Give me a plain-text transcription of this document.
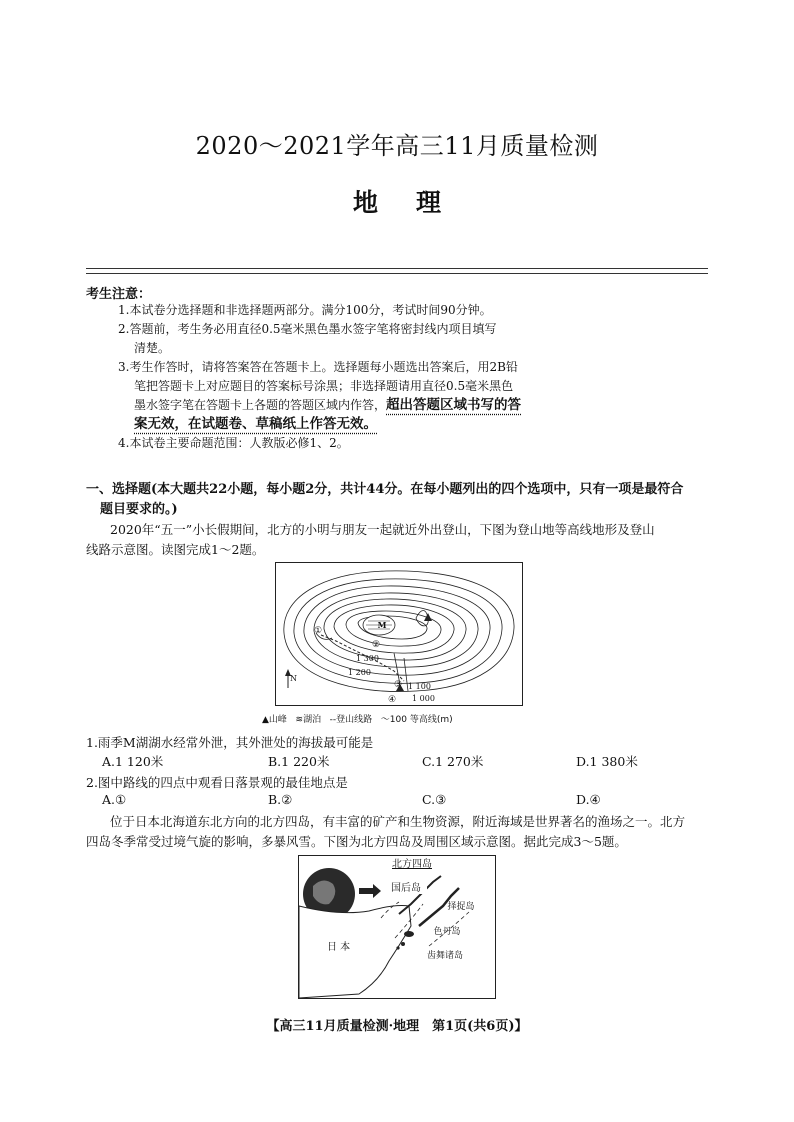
2020～2021学年高三11月质量检测
地理
考生注意：

1.本试卷分选择题和非选择题两部分。满分100分，考试时间90分钟。

2.答题前，考生务必用直径0.5毫米黑色墨水签字笔将密封线内项目填写

清楚。

3.考生作答时，请将答案答在答题卡上。选择题每小题选出答案后，用2B铅

笔把答题卡上对应题目的答案标号涂黑；非选择题请用直径0.5毫米黑色

墨水签字笔在答题卡上各题的答题区域内作答，超出答题区域书写的答

案无效，在试题卷、草稿纸上作答无效。

4.本试卷主要命题范围：人教版必修1、2。

一、选择题(本大题共22小题，每小题2分，共计44分。在每小题列出的四个选项中，只有一项是最符合
题目要求的。)
2020年“五一”小长假期间，北方的小明与朋友一起就近外出登山，下图为登山地等高线地形及登山
线路示意图。读图完成1～2题。
N
M
1 300
1 200
1 100
1 000
①
②
③
④
▲山峰 ≋湖泊 --登山线路 〜100 等高线(m)
1.雨季M湖湖水经常外泄，其外泄处的海拔最可能是
A.1 120米	B.1 220米	C.1 270米	D.1 380米
2.图中路线的四点中观看日落景观的最佳地点是
A.①	B.②	C.③	D.④
位于日本北海道东北方向的北方四岛，有丰富的矿产和生物资源，附近海域是世界著名的渔场之一。北方
四岛冬季常受过境气旋的影响，多暴风雪。下图为北方四岛及周围区域示意图。据此完成3～5题。
北方四岛
国后岛
择捉岛
色丹岛
齿舞诸岛
日 本
【高三11月质量检测·地理　第1页(共6页)】
